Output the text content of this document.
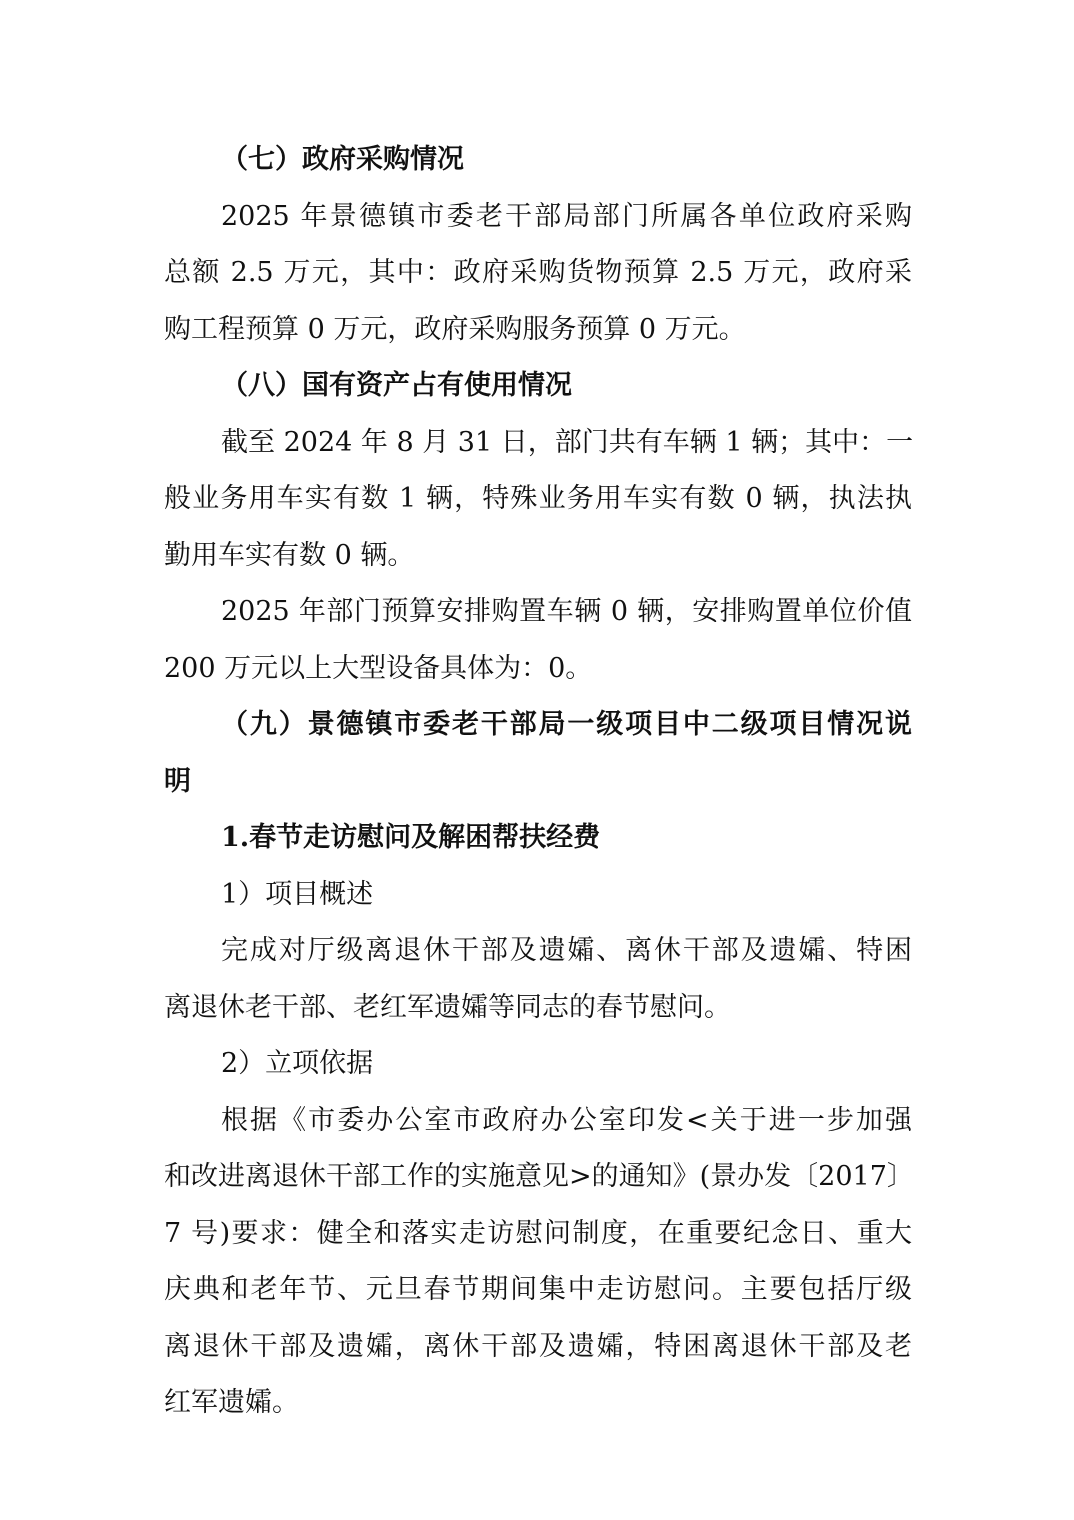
（七）政府采购情况
2025 年景德镇市委老干部局部门所属各单位政府采购
总额 2.5 万元，其中：政府采购货物预算 2.5 万元，政府采
购工程预算 0 万元，政府采购服务预算 0 万元。
（八）国有资产占有使用情况
截至 2024 年 8 月 31 日，部门共有车辆 1 辆；其中：一
般业务用车实有数 1 辆，特殊业务用车实有数 0 辆，执法执
勤用车实有数 0 辆。
2025 年部门预算安排购置车辆 0 辆，安排购置单位价值
200 万元以上大型设备具体为：0。
（九）景德镇市委老干部局一级项目中二级项目情况说
明
1.春节走访慰问及解困帮扶经费
1）项目概述
完成对厅级离退休干部及遗孀、离休干部及遗孀、特困
离退休老干部、老红军遗孀等同志的春节慰问。
2）立项依据
根据《市委办公室市政府办公室印发<关于进一步加强
和改进离退休干部工作的实施意见>的通知》(景办发〔2017〕
7 号)要求：健全和落实走访慰问制度，在重要纪念日、重大
庆典和老年节、元旦春节期间集中走访慰问。主要包括厅级
离退休干部及遗孀，离休干部及遗孀，特困离退休干部及老
红军遗孀。
